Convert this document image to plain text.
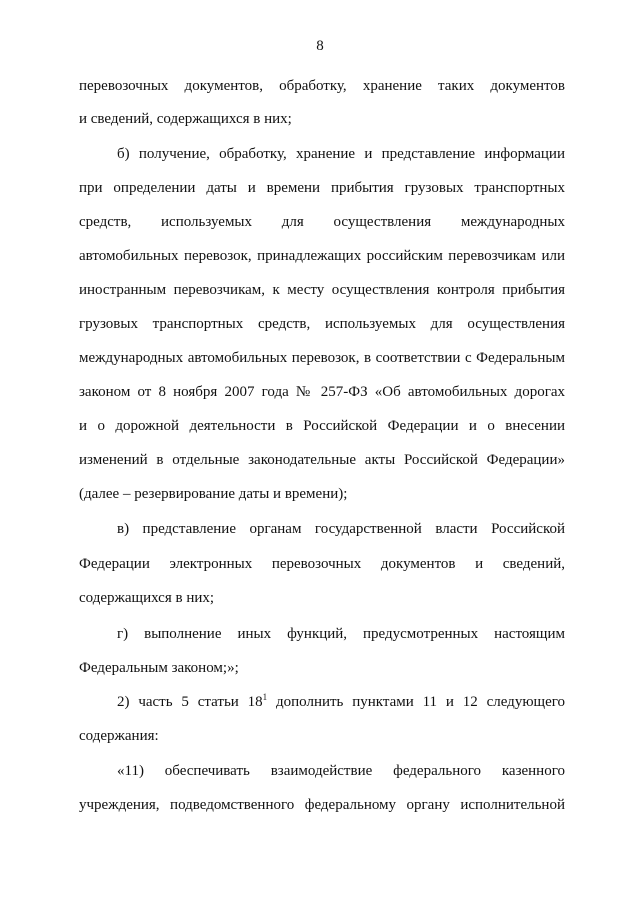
8
перевозочных документов, обработку, хранение таких документов
и сведений, содержащихся в них;
б) получение, обработку, хранение и представление информации
при определении даты и времени прибытия грузовых транспортных
средств, используемых для осуществления международных
автомобильных перевозок, принадлежащих российским перевозчикам или
иностранным перевозчикам, к месту осуществления контроля прибытия
грузовых транспортных средств, используемых для осуществления
международных автомобильных перевозок, в соответствии с Федеральным
законом от 8 ноября 2007 года № 257-ФЗ «Об автомобильных дорогах
и о дорожной деятельности в Российской Федерации и о внесении
изменений в отдельные законодательные акты Российской Федерации»
(далее – резервирование даты и времени);
в) представление органам государственной власти Российской
Федерации электронных перевозочных документов и сведений,
содержащихся в них;
г) выполнение иных функций, предусмотренных настоящим
Федеральным законом;»;
2) часть 5 статьи $18^1$ дополнить пунктами 11 и 12 следующего
содержания:
«11) обеспечивать взаимодействие федерального казенного
учреждения, подведомственного федеральному органу исполнительной
